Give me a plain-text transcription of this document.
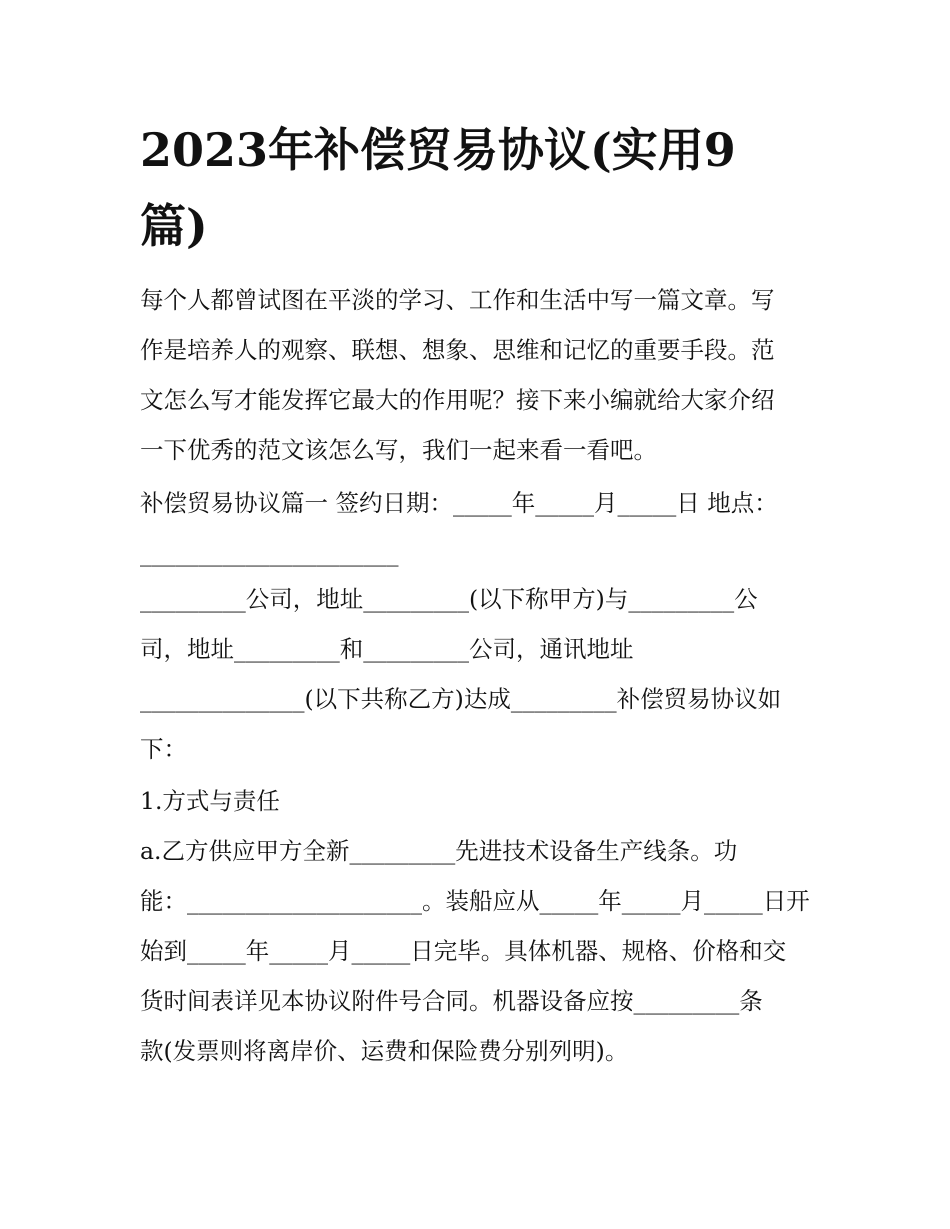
2023年补偿贸易协议(实用9
篇)

每个人都曾试图在平淡的学习、工作和生活中写一篇文章。写
作是培养人的观察、联想、想象、思维和记忆的重要手段。范
文怎么写才能发挥它最大的作用呢？接下来小编就给大家介绍
一下优秀的范文该怎么写，我们一起来看一看吧。

补偿贸易协议篇一 签约日期：_____年_____月_____日 地点：
______________________

_________公司，地址_________(以下称甲方)与_________公
司，地址_________和_________公司，通讯地址
______________(以下共称乙方)达成_________补偿贸易协议如
下：

1.方式与责任

a.乙方供应甲方全新_________先进技术设备生产线条。功
能：____________________。装船应从_____年_____月_____日开
始到_____年_____月_____日完毕。具体机器、规格、价格和交
货时间表详见本协议附件号合同。机器设备应按_________条
款(发票则将离岸价、运费和保险费分别列明)。
